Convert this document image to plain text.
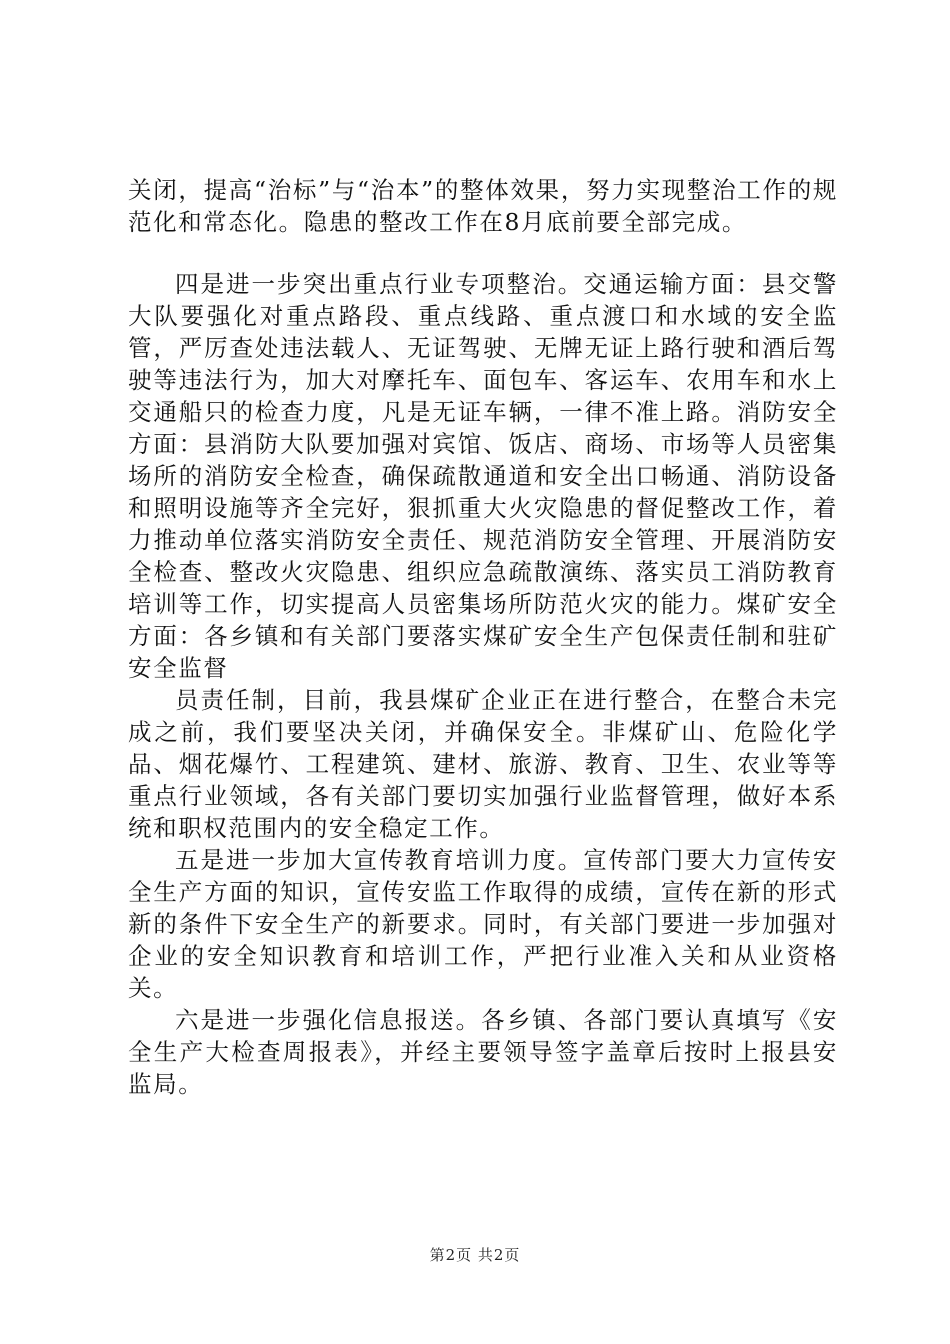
关闭，提高“治标”与“治本”的整体效果，努力实现整治工作的规范化和常态化。隐患的整改工作在8月底前要全部完成。

四是进一步突出重点行业专项整治。交通运输方面：县交警大队要强化对重点路段、重点线路、重点渡口和水域的安全监管，严厉查处违法载人、无证驾驶、无牌无证上路行驶和酒后驾驶等违法行为，加大对摩托车、面包车、客运车、农用车和水上交通船只的检查力度，凡是无证车辆，一律不准上路。消防安全方面：县消防大队要加强对宾馆、饭店、商场、市场等人员密集场所的消防安全检查，确保疏散通道和安全出口畅通、消防设备和照明设施等齐全完好，狠抓重大火灾隐患的督促整改工作，着力推动单位落实消防安全责任、规范消防安全管理、开展消防安全检查、整改火灾隐患、组织应急疏散演练、落实员工消防教育培训等工作，切实提高人员密集场所防范火灾的能力。煤矿安全方面：各乡镇和有关部门要落实煤矿安全生产包保责任制和驻矿安全监督

员责任制，目前，我县煤矿企业正在进行整合，在整合未完成之前，我们要坚决关闭，并确保安全。非煤矿山、危险化学品、烟花爆竹、工程建筑、建材、旅游、教育、卫生、农业等等重点行业领域，各有关部门要切实加强行业监督管理，做好本系统和职权范围内的安全稳定工作。

五是进一步加大宣传教育培训力度。宣传部门要大力宣传安全生产方面的知识，宣传安监工作取得的成绩，宣传在新的形式新的条件下安全生产的新要求。同时，有关部门要进一步加强对企业的安全知识教育和培训工作，严把行业准入关和从业资格关。

六是进一步强化信息报送。各乡镇、各部门要认真填写《安全生产大检查周报表》，并经主要领导签字盖章后按时上报县安监局。

第2页 共2页
